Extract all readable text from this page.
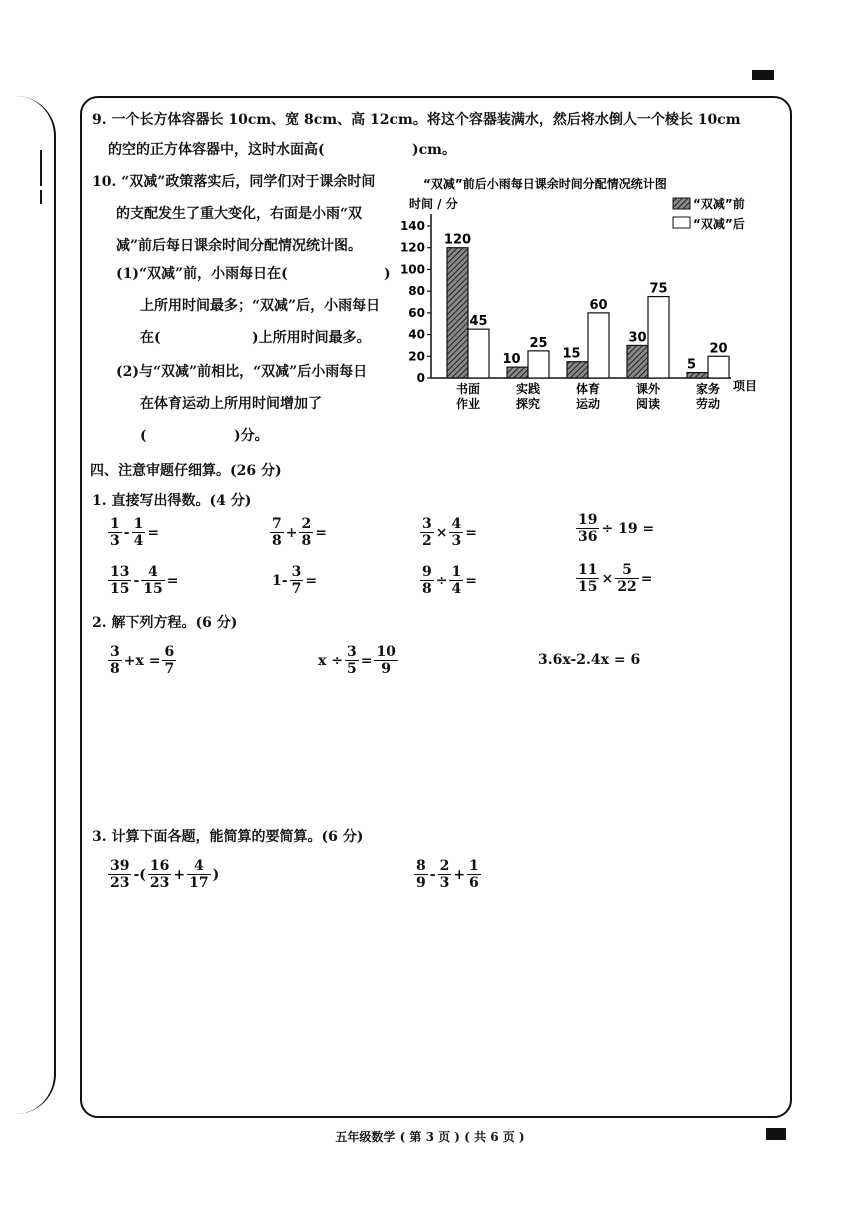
9. 一个长方体容器长 10cm、宽 8cm、高 12cm。将这个容器装满水，然后将水倒人一个棱长 10cm
的空的正方体容器中，这时水面高(	)cm。
10. “双减”政策落实后，同学们对于课余时间
的支配发生了重大变化，右面是小雨“双
减”前后每日课余时间分配情况统计图。
(1)“双减”前，小雨每日在(	)
上所用时间最多；“双减”后，小雨每日
在(	)上所用时间最多。
(2)与“双减”前相比，“双减”后小雨每日
在体育运动上所用时间增加了
(	)分。
“双减”前后小雨每日课余时间分配情况统计图
时间 / 分
项目
“双减”前
“双减”后
0
20
40
60
80
100
120
140
120
45
书面
作业
10
25
实践
探究
15
60
体育
运动
30
75
课外
阅读
5
20
家务
劳动
四、注意审题仔细算。(26 分)
1. 直接写出得数。(4 分)
$\frac{1}{3} - \frac{1}{4}$ =	$\frac{7}{8} + \frac{2}{8}$ =	$\frac{3}{2} \times \frac{4}{3}$ =	$\frac{19}{36} \div 19$ =
$\frac{13}{15} - \frac{4}{15}$ =	$1- \frac{3}{7}$ =	$\frac{9}{8} \div \frac{1}{4}$ =	$\frac{11}{15} \times \frac{5}{22}$ =
2. 解下列方程。(6 分)
$\frac{3}{8} +x = \frac{6}{7}$	$x \div \frac{3}{5} = \frac{10}{9}$	3.6x-2.4x = 6
3. 计算下面各题，能简算的要简算。(6 分)
$\frac{39}{23}$ -( $\frac{16}{23} + \frac{4}{17}$ )	$\frac{8}{9} - \frac{2}{3} + \frac{1}{6}$
五年级数学 ( 第 3 页 ) ( 共 6 页 )
